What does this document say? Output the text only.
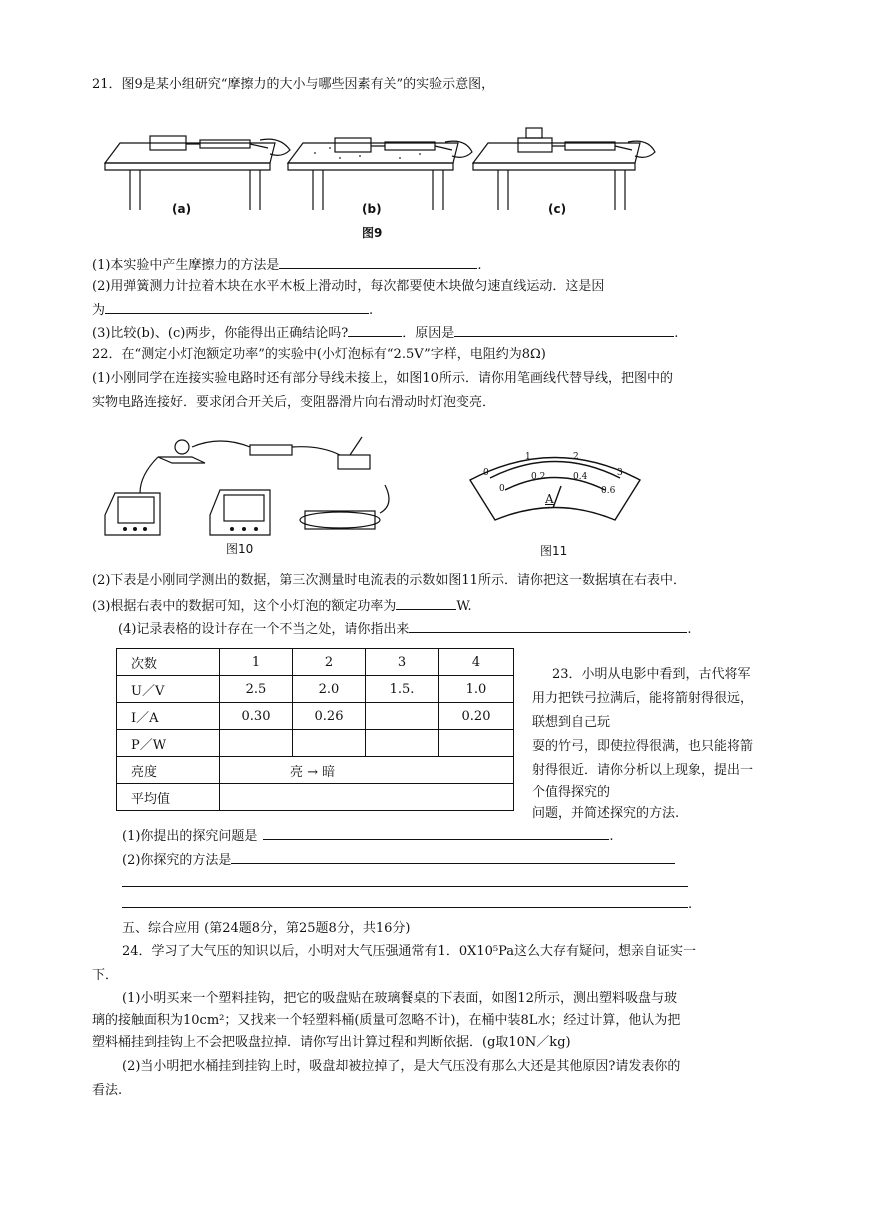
21．图9是某小组研究“摩擦力的大小与哪些因素有关”的实验示意图，
(a)	(b)	(c)
图9
(1)本实验中产生摩擦力的方法是	.
(2)用弹簧测力计拉着木块在水平木板上滑动时，每次都要使木块做匀速直线运动．这是因
为	.
(3)比较(b)、(c)两步，你能得出正确结论吗?	．原因是	.
22．在“测定小灯泡额定功率”的实验中(小灯泡标有“2.5V”字样，电阻约为8Ω)
(1)小刚同学在连接实验电路时还有部分导线未接上，如图10所示．请你用笔画线代替导线，把图中的
实物电路连接好．要求闭合开关后，变阻器滑片向右滑动时灯泡变亮．
图10
0
1	2
3
0
0.2	0.4
0.6
A
图11
(2)下表是小刚同学测出的数据，第三次测量时电流表的示数如图11所示．请你把这一数据填在右表中．
(3)根据右表中的数据可知，这个小灯泡的额定功率为	W.
(4)记录表格的设计存在一个不当之处，请你指出来	.
次数	1	2	3	4
U／V	2.5	2.0	1.5.	1.0
I／A	0.30	0.26		0.20
P／W				
亮度	亮 → 暗			
平均值				
23．小明从电影中看到，古代将军
用力把铁弓拉满后，能将箭射得很远，
联想到自己玩
耍的竹弓，即使拉得很满，也只能将箭
射得很近．请你分析以上现象，提出一
个值得探究的
问题，并简述探究的方法.
(1)你提出的探究问题是	.
(2)你探究的方法是
.
五、综合应用 (第24题8分，第25题8分，共16分)
24．学习了大气压的知识以后，小明对大气压强通常有1．0X10⁵Pa这么大存有疑问，想亲自证实一
下．
(1)小明买来一个塑料挂钩，把它的吸盘贴在玻璃餐桌的下表面，如图12所示，测出塑料吸盘与玻
璃的接触面积为10cm²；又找来一个轻塑料桶(质量可忽略不计)，在桶中装8L水；经过计算，他认为把
塑料桶挂到挂钩上不会把吸盘拉掉．请你写出计算过程和判断依据．(g取10N／kg)
(2)当小明把水桶挂到挂钩上时，吸盘却被拉掉了，是大气压没有那么大还是其他原因?请发表你的
看法.
